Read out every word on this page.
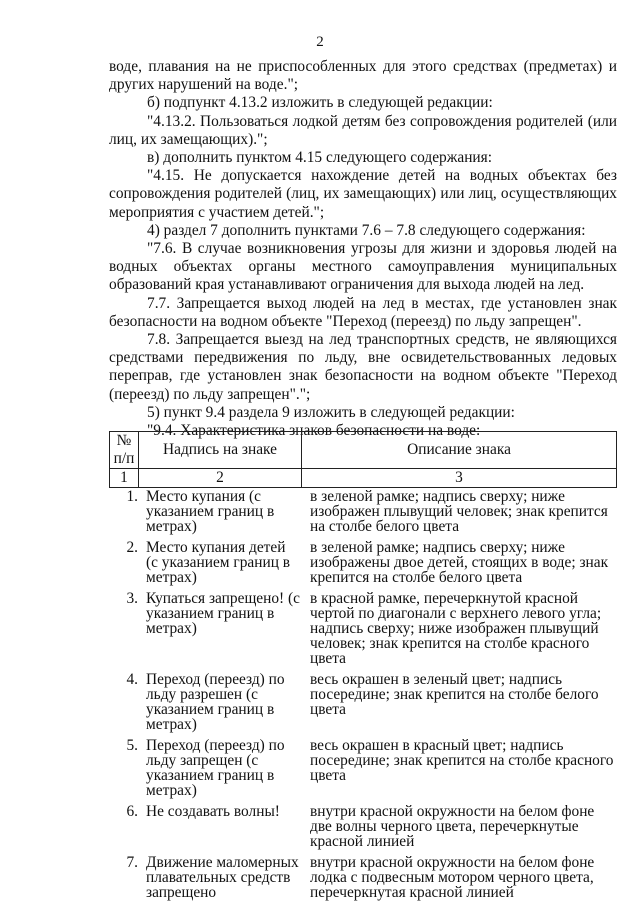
2

воде, плавания на не приспособленных для этого средствах (предметах) и других нарушений на воде.";

б) подпункт 4.13.2 изложить в следующей редакции:

"4.13.2. Пользоваться лодкой детям без сопровождения родителей (или лиц, их замещающих).";

в) дополнить пунктом 4.15 следующего содержания:

"4.15. Не допускается нахождение детей на водных объектах без сопровождения родителей (лиц, их замещающих) или лиц, осуществляющих мероприятия с участием детей.";

4) раздел 7 дополнить пунктами 7.6 – 7.8 следующего содержания:

"7.6. В случае возникновения угрозы для жизни и здоровья людей на водных объектах органы местного самоуправления муниципальных образований края устанавливают ограничения для выхода людей на лед.

7.7. Запрещается выход людей на лед в местах, где установлен знак безопасности на водном объекте "Переход (переезд) по льду запрещен".

7.8. Запрещается выезд на лед транспортных средств, не являющихся средствами передвижения по льду, вне освидетельствованных ледовых переправ, где установлен знак безопасности на водном объекте "Переход (переезд) по льду запрещен".";

5) пункт 9.4 раздела 9 изложить в следующей редакции:

"9.4. Характеристика знаков безопасности на воде:

№ п/п	Надпись на знаке	Описание знака
1	2	3
1.	Место купания (с указанием границ в метрах)	в зеленой рамке; надпись сверху; ниже изображен плывущий человек; знак крепится на столбе белого цвета
2.	Место купания детей (с указанием границ в метрах)	в зеленой рамке; надпись сверху; ниже изображены двое детей, стоящих в воде; знак крепится на столбе белого цвета
3.	Купаться запрещено! (с указанием границ в метрах)	в красной рамке, перечеркнутой красной чертой по диагонали с верхнего левого угла; надпись сверху; ниже изображен плывущий человек; знак крепится на столбе красного цвета
4.	Переход (переезд) по льду разрешен (с указанием границ в метрах)	весь окрашен в зеленый цвет; надпись посередине; знак крепится на столбе белого цвета
5.	Переход (переезд) по льду запрещен (с указанием границ в метрах)	весь окрашен в красный цвет; надпись посередине; знак крепится на столбе красного цвета
6.	Не создавать волны!	внутри красной окружности на белом фоне две волны черного цвета, перечеркнутые красной линией
7.	Движение маломерных плавательных средств запрещено	внутри красной окружности на белом фоне лодка с подвесным мотором черного цвета, перечеркнутая красной линией
